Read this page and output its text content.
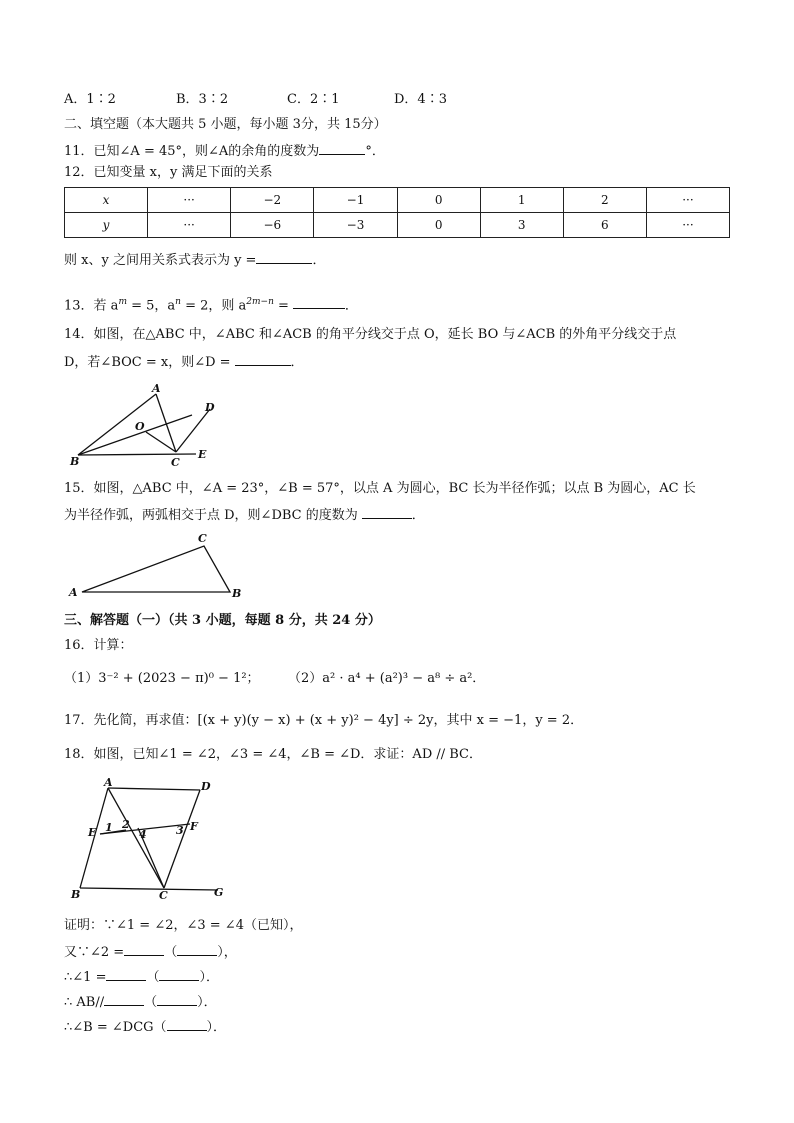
A．1∶2	B．3∶2	C．2∶1	D．4∶3
二、填空题（本大题共 5 小题，每小题 3分，共 15分）
11．已知∠A = 45°，则∠A的余角的度数为	°．
12．已知变量 x，y 满足下面的关系
x	···	−2	−1	0	1	2	···
y	···	−6	−3	0	3	6	···
则 x、y 之间用关系式表示为 y =	．
13．若 $a^m = 5$，$a^n = 2$，则 $a^{2m-n}$ =	．
14．如图，在△ABC 中，∠ABC 和∠ACB 的角平分线交于点 O，延长 BO 与∠ACB 的外角平分线交于点
D，若∠BOC = x，则∠D =	．
A
B	C
D
E
O
15．如图，△ABC 中，∠A = 23°，∠B = 57°，以点 A 为圆心，BC 长为半径作弧；以点 B 为圆心，AC 长
为半径作弧，两弧相交于点 D，则∠DBC 的度数为	．
A
C
B
三、解答题（一）（共 3 小题，每题 8 分，共 24 分）
16．计算：
（1）3⁻² + (2023 − π)⁰ − 1²； （2）a² · a⁴ + (a²)³ − a⁸ ÷ a²．
17．先化简，再求值：[(x + y)(y − x) + (x + y)² − 4y] ÷ 2y，其中 x = −1，y = 2．
18．如图，已知∠1 = ∠2，∠3 = ∠4，∠B = ∠D．求证：AD // BC．
A	D
E	F
B	C	G
1 2	3
4
证明：∵∠1 = ∠2，∠3 = ∠4（已知），
又∵∠2 =	（	），
∴∠1 =	（	）．
∴ AB//	（	）．
∴∠B = ∠DCG（	）．
